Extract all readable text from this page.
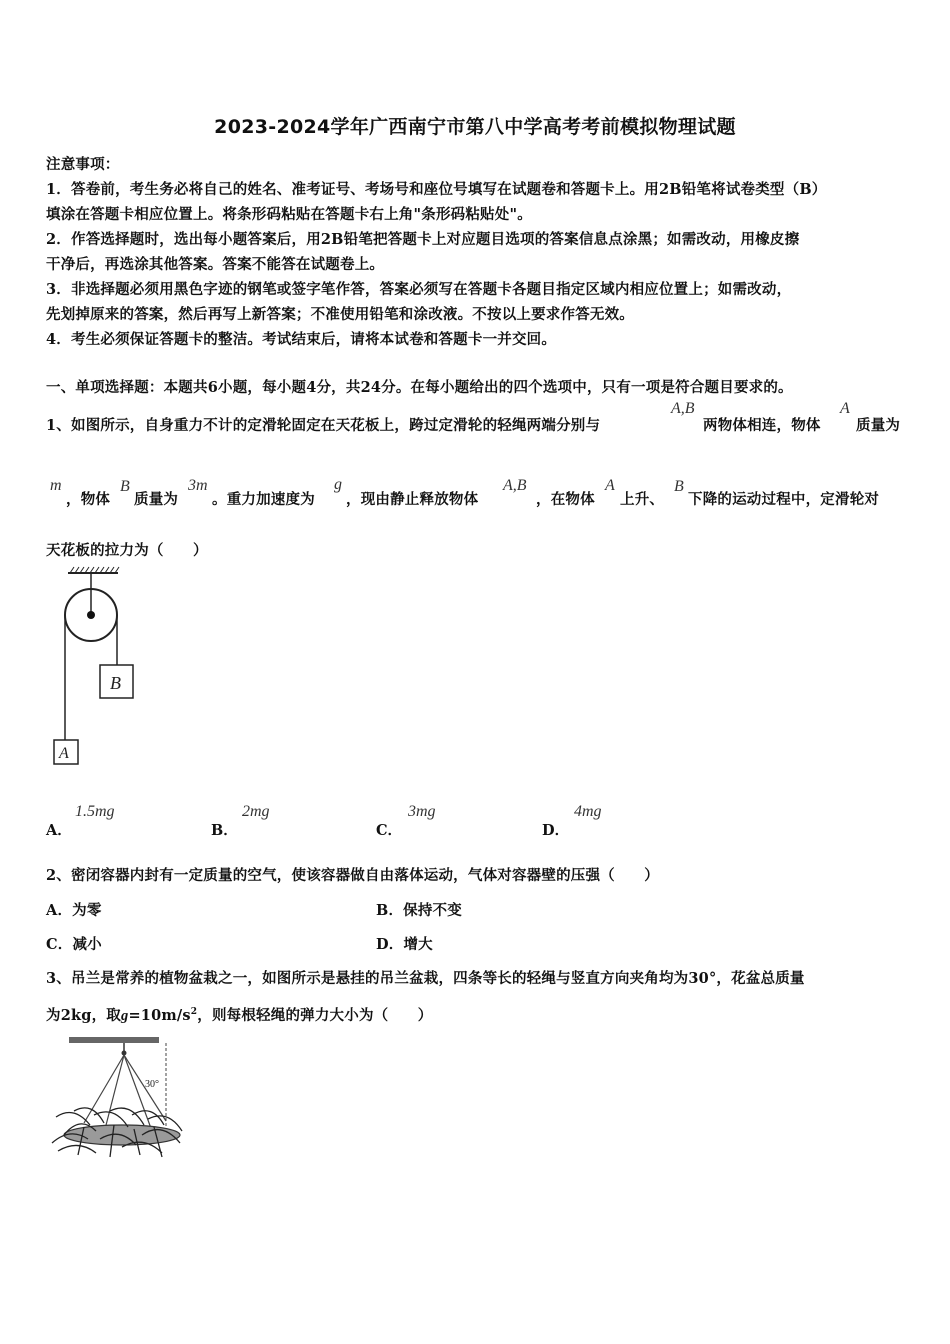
2023-2024学年广西南宁市第八中学高考考前模拟物理试题
注意事项：
1．答卷前，考生务必将自己的姓名、准考证号、考场号和座位号填写在试题卷和答题卡上。用2B铅笔将试卷类型（B）
填涂在答题卡相应位置上。将条形码粘贴在答题卡右上角"条形码粘贴处"。
2．作答选择题时，选出每小题答案后，用2B铅笔把答题卡上对应题目选项的答案信息点涂黑；如需改动，用橡皮擦
干净后，再选涂其他答案。答案不能答在试题卷上。
3．非选择题必须用黑色字迹的钢笔或签字笔作答，答案必须写在答题卡各题目指定区域内相应位置上；如需改动，
先划掉原来的答案，然后再写上新答案；不准使用铅笔和涂改液。不按以上要求作答无效。
4．考生必须保证答题卡的整洁。考试结束后，请将本试卷和答题卡一并交回。
一、单项选择题：本题共6小题，每小题4分，共24分。在每小题给出的四个选项中，只有一项是符合题目要求的。
1、如图所示，自身重力不计的定滑轮固定在天花板上，跨过定滑轮的轻绳两端分别与
A,B
两物体相连，物体
A
质量为
m
，物体
B
质量为
3m
。重力加速度为
g
，现由静止释放物体
A,B
，在物体
A
上升、
B
下降的运动过程中，定滑轮对
天花板的拉力为（　　）
B
A
A．
1.5mg
B．
2mg
C．
3mg
D．
4mg
2、密闭容器内封有一定质量的空气，使该容器做自由落体运动，气体对容器壁的压强（　　）
A．为零	B．保持不变
C．减小	D．增大
3、吊兰是常养的植物盆栽之一，如图所示是悬挂的吊兰盆栽，四条等长的轻绳与竖直方向夹角均为30°，花盆总质量
为2kg，取$g=10m/s^2$，则每根轻绳的弹力大小为（　　）
30°
